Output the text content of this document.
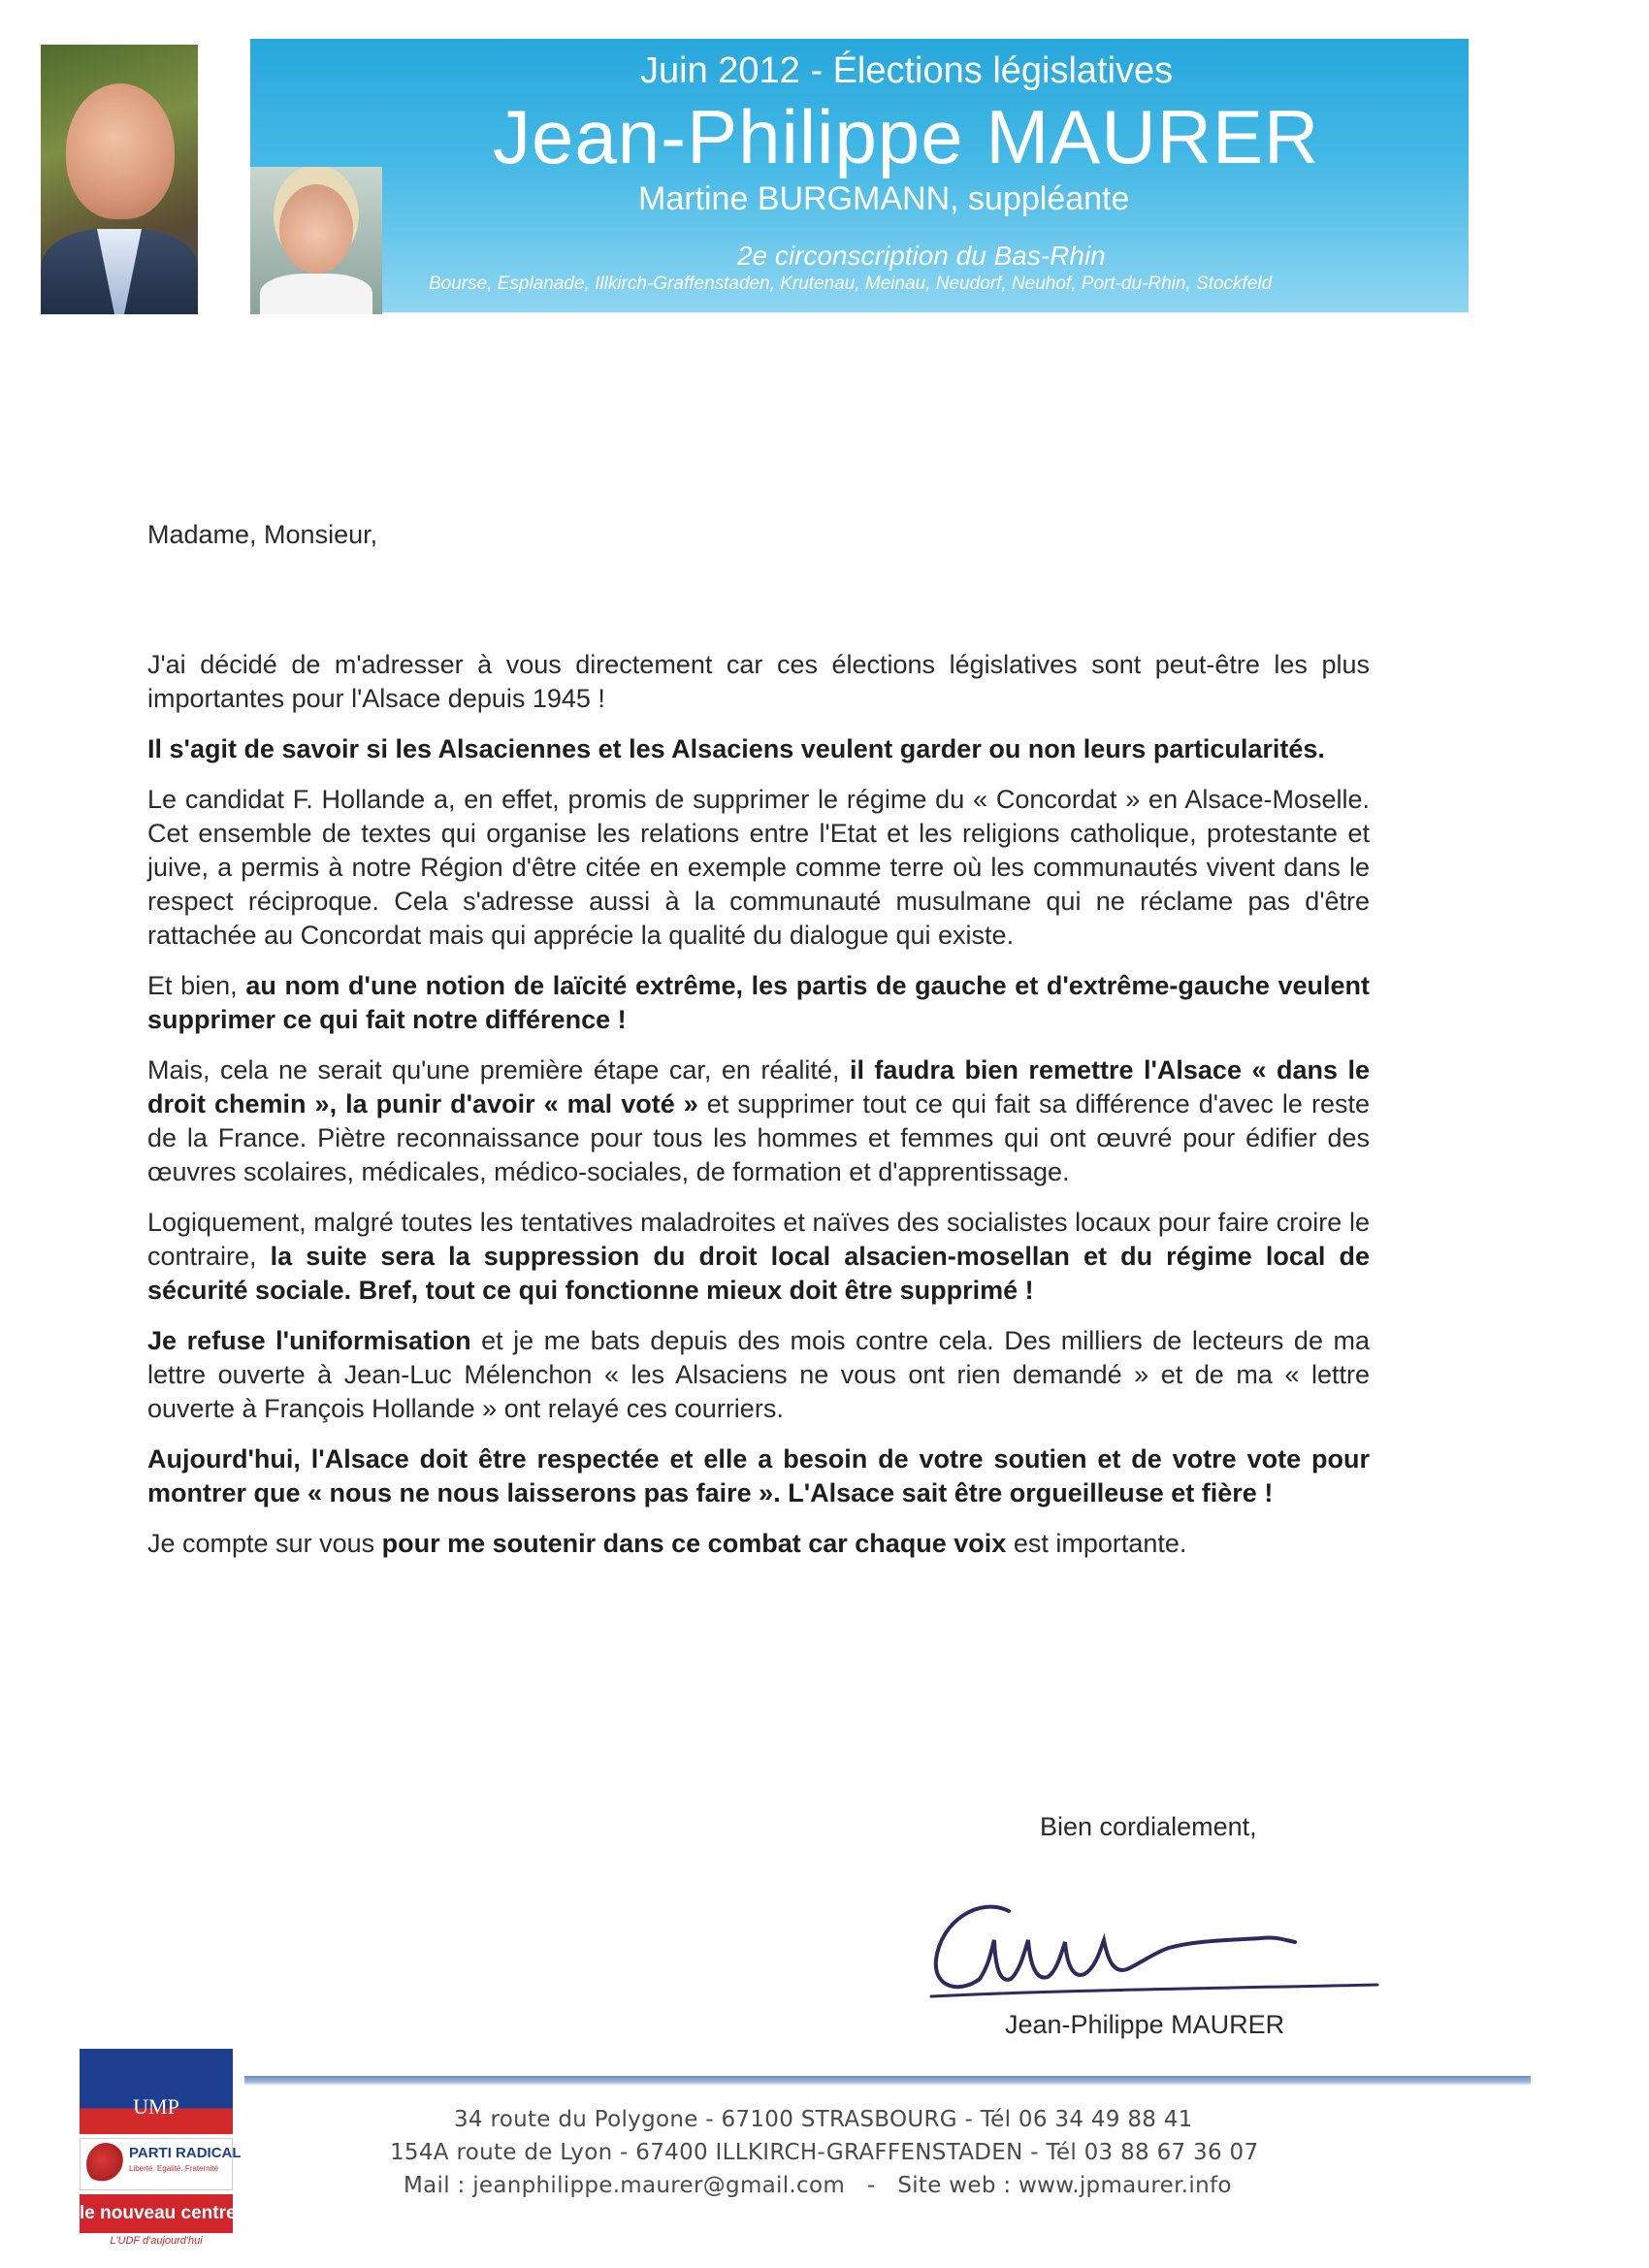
Juin 2012 - Élections législatives
Jean-Philippe MAURER
Martine BURGMANN, suppléante
2e circonscription du Bas-Rhin
Bourse, Esplanade, Illkirch-Graffenstaden, Krutenau, Meinau, Neudorf, Neuhof, Port-du-Rhin, Stockfeld
Madame, Monsieur,

J'ai décidé de m'adresser à vous directement car ces élections législatives sont peut-être les plus importantes pour l'Alsace depuis 1945 !

Il s'agit de savoir si les Alsaciennes et les Alsaciens veulent garder ou non leurs particularités.

Le candidat F. Hollande a, en effet, promis de supprimer le régime du « Concordat » en Alsace-Moselle. Cet ensemble de textes qui organise les relations entre l'Etat et les religions catholique, protestante et juive, a permis à notre Région d'être citée en exemple comme terre où les communautés vivent dans le respect réciproque. Cela s'adresse aussi à la communauté musulmane qui ne réclame pas d'être rattachée au Concordat mais qui apprécie la qualité du dialogue qui existe.

Et bien, au nom d'une notion de laïcité extrême, les partis de gauche et d'extrême-gauche veulent supprimer ce qui fait notre différence !

Mais, cela ne serait qu'une première étape car, en réalité, il faudra bien remettre l'Alsace « dans le droit chemin », la punir d'avoir « mal voté » et supprimer tout ce qui fait sa différence d'avec le reste de la France. Piètre reconnaissance pour tous les hommes et femmes qui ont œuvré pour édifier des œuvres scolaires, médicales, médico-sociales, de formation et d'apprentissage.

Logiquement, malgré toutes les tentatives maladroites et naïves des socialistes locaux pour faire croire le contraire, la suite sera la suppression du droit local alsacien-mosellan et du régime local de sécurité sociale. Bref, tout ce qui fonctionne mieux doit être supprimé !

Je refuse l'uniformisation et je me bats depuis des mois contre cela. Des milliers de lecteurs de ma lettre ouverte à Jean-Luc Mélenchon « les Alsaciens ne vous ont rien demandé » et de ma « lettre ouverte à François Hollande » ont relayé ces courriers.

Aujourd'hui, l'Alsace doit être respectée et elle a besoin de votre soutien et de votre vote pour montrer que « nous ne nous laisserons pas faire ». L'Alsace sait être orgueilleuse et fière !

Je compte sur vous pour me soutenir dans ce combat car chaque voix est importante.

Bien cordialement,
Jean-Philippe MAURER
UMP
PARTI RADICAL
Liberté. Egalité. Fraternité
le nouveau centre
L'UDF d'aujourd'hui
34 route du Polygone - 67100 STRASBOURG - Tél 06 34 49 88 41
154A route de Lyon - 67400 ILLKIRCH-GRAFFENSTADEN - Tél 03 88 67 36 07
Mail : jeanphilippe.maurer@gmail.com   -   Site web : www.jpmaurer.info
